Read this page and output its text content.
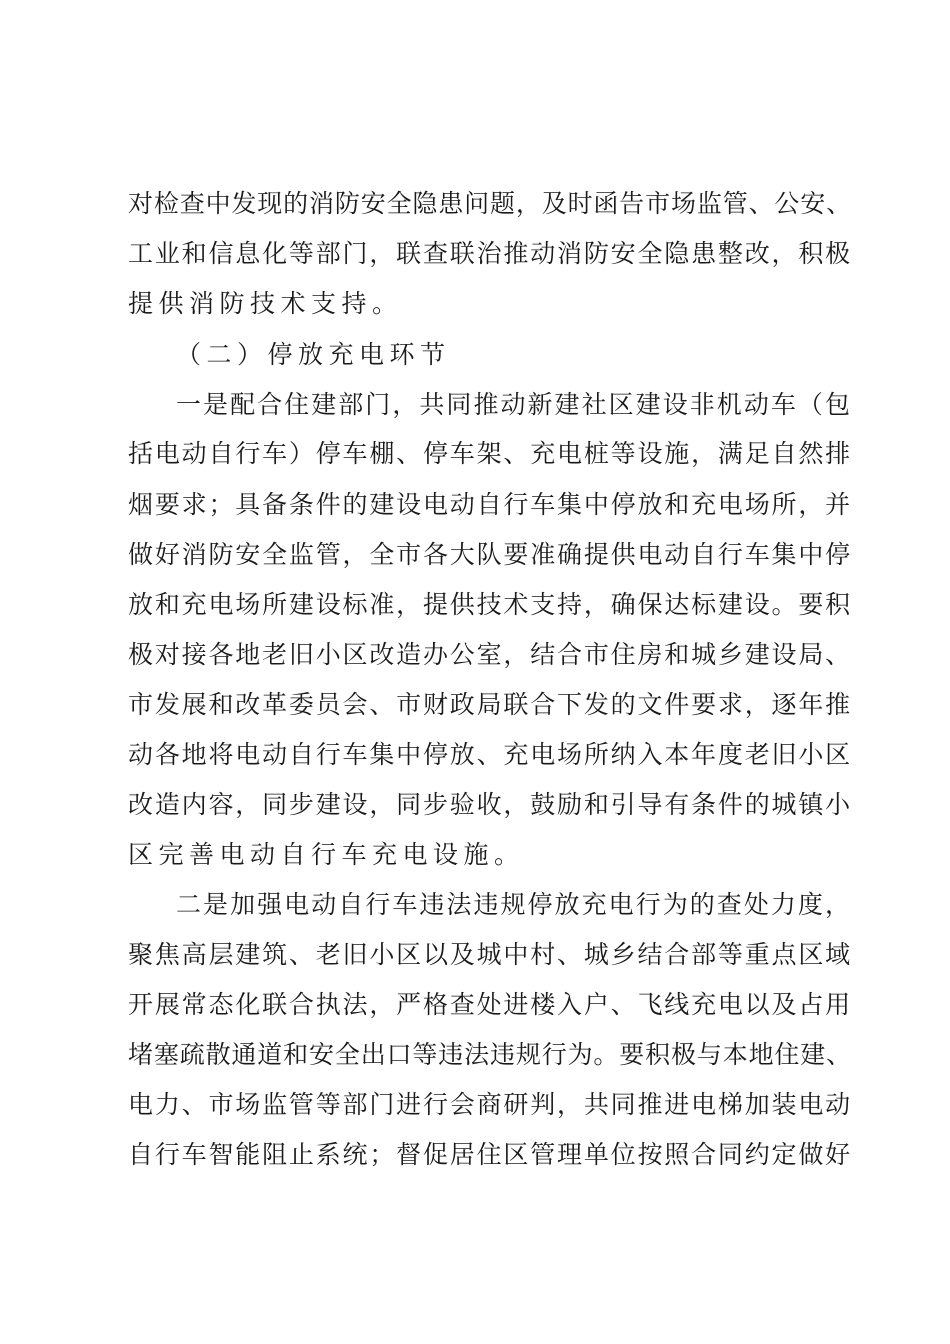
对检查中发现的消防安全隐患问题，及时函告市场监管、公安、

工业和信息化等部门，联查联治推动消防安全隐患整改，积极

提供消防技术支持。

（二）停放充电环节

一是配合住建部门，共同推动新建社区建设非机动车（包

括电动自行车）停车棚、停车架、充电桩等设施，满足自然排

烟要求；具备条件的建设电动自行车集中停放和充电场所，并

做好消防安全监管，全市各大队要准确提供电动自行车集中停

放和充电场所建设标准，提供技术支持，确保达标建设。要积

极对接各地老旧小区改造办公室，结合市住房和城乡建设局、

市发展和改革委员会、市财政局联合下发的文件要求，逐年推

动各地将电动自行车集中停放、充电场所纳入本年度老旧小区

改造内容，同步建设，同步验收，鼓励和引导有条件的城镇小

区完善电动自行车充电设施。

二是加强电动自行车违法违规停放充电行为的查处力度，

聚焦高层建筑、老旧小区以及城中村、城乡结合部等重点区域

开展常态化联合执法，严格查处进楼入户、飞线充电以及占用

堵塞疏散通道和安全出口等违法违规行为。要积极与本地住建、

电力、市场监管等部门进行会商研判，共同推进电梯加装电动

自行车智能阻止系统；督促居住区管理单位按照合同约定做好
